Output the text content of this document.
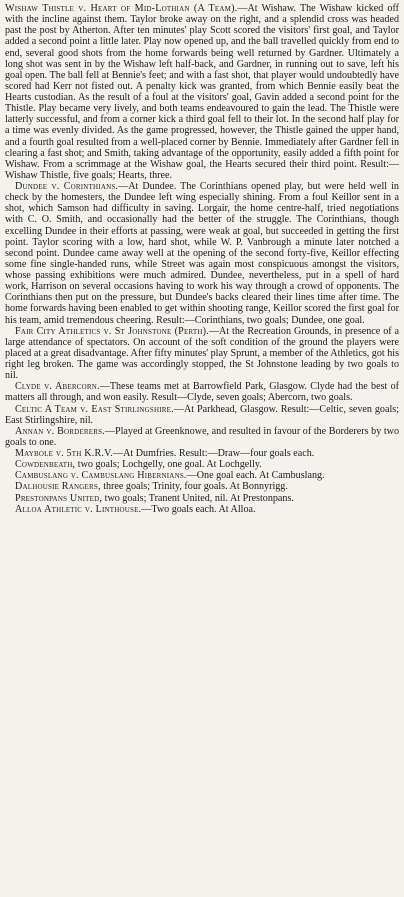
Wishaw Thistle v. Heart of Mid-Lothian (A Team).—At Wishaw. The Wishaw kicked off with the incline against them. Taylor broke away on the right, and a splendid cross was headed past the post by Atherton. After ten minutes' play Scott scored the visitors' first goal, and Taylor added a second point a little later. Play now opened up, and the ball travelled quickly from end to end, several good shots from the home forwards being well returned by Gardner. Ultimately a long shot was sent in by the Wishaw left half-back, and Gardner, in running out to save, left his goal open. The ball fell at Bennie's feet; and with a fast shot, that player would undoubtedly have scored had Kerr not fisted out. A penalty kick was granted, from which Bennie easily beat the Hearts custodian. As the result of a foul at the visitors' goal, Gavin added a second point for the Thistle. Play became very lively, and both teams endeavoured to gain the lead. The Thistle were latterly successful, and from a corner kick a third goal fell to their lot. In the second half play for a time was evenly divided. As the game progressed, however, the Thistle gained the upper hand, and a fourth goal resulted from a well-placed corner by Bennie. Immediately after Gardner fell in clearing a fast shot; and Smith, taking advantage of the opportunity, easily added a fifth point for Wishaw. From a scrimmage at the Wishaw goal, the Hearts secured their third point. Result:—Wishaw Thistle, five goals; Hearts, three.

Dundee v. Corinthians.—At Dundee. The Corinthians opened play, but were held well in check by the homesters, the Dundee left wing especially shining. From a foul Keillor sent in a shot, which Samson had difficulty in saving. Lorgair, the home centre-half, tried negotiations with C. O. Smith, and occasionally had the better of the struggle. The Corinthians, though excelling Dundee in their efforts at passing, were weak at goal, but succeeded in getting the first point. Taylor scoring with a low, hard shot, while W. P. Vanbrough a minute later notched a second point. Dundee came away well at the opening of the second forty-five, Keillor effecting some fine single-handed runs, while Street was again most conspicuous amongst the visitors, whose passing exhibitions were much admired. Dundee, nevertheless, put in a spell of hard work, Harrison on several occasions having to work his way through a crowd of opponents. The Corinthians then put on the pressure, but Dundee's backs cleared their lines time after time. The home forwards having been enabled to get within shooting range, Keillor scored the first goal for his team, amid tremendous cheering. Result:—Corinthians, two goals; Dundee, one goal.

Fair City Athletics v. St Johnstone (Perth).—At the Recreation Grounds, in presence of a large attendance of spectators. On account of the soft condition of the ground the players were placed at a great disadvantage. After fifty minutes' play Sprunt, a member of the Athletics, got his right leg broken. The game was accordingly stopped, the St Johnstone leading by two goals to nil.

Clyde v. Abercorn.—These teams met at Barrowfield Park, Glasgow. Clyde had the best of matters all through, and won easily. Result—Clyde, seven goals; Abercorn, two goals.

Celtic A Team v. East Stirlingshire.—At Parkhead, Glasgow. Result:—Celtic, seven goals; East Stirlingshire, nil.

Annan v. Borderers.—Played at Greenknowe, and resulted in favour of the Borderers by two goals to one.

Maybole v. 5th K.R.V.—At Dumfries. Result:—Draw—four goals each.

Cowdenbeath, two goals; Lochgelly, one goal. At Lochgelly.

Cambuslang v. Cambuslang Hibernians.—One goal each. At Cambuslang.

Dalhousie Rangers, three goals; Trinity, four goals. At Bonnyrigg.

Prestonpans United, two goals; Tranent United, nil. At Prestonpans.

Alloa Athletic v. Linthouse.—Two goals each. At Alloa.
